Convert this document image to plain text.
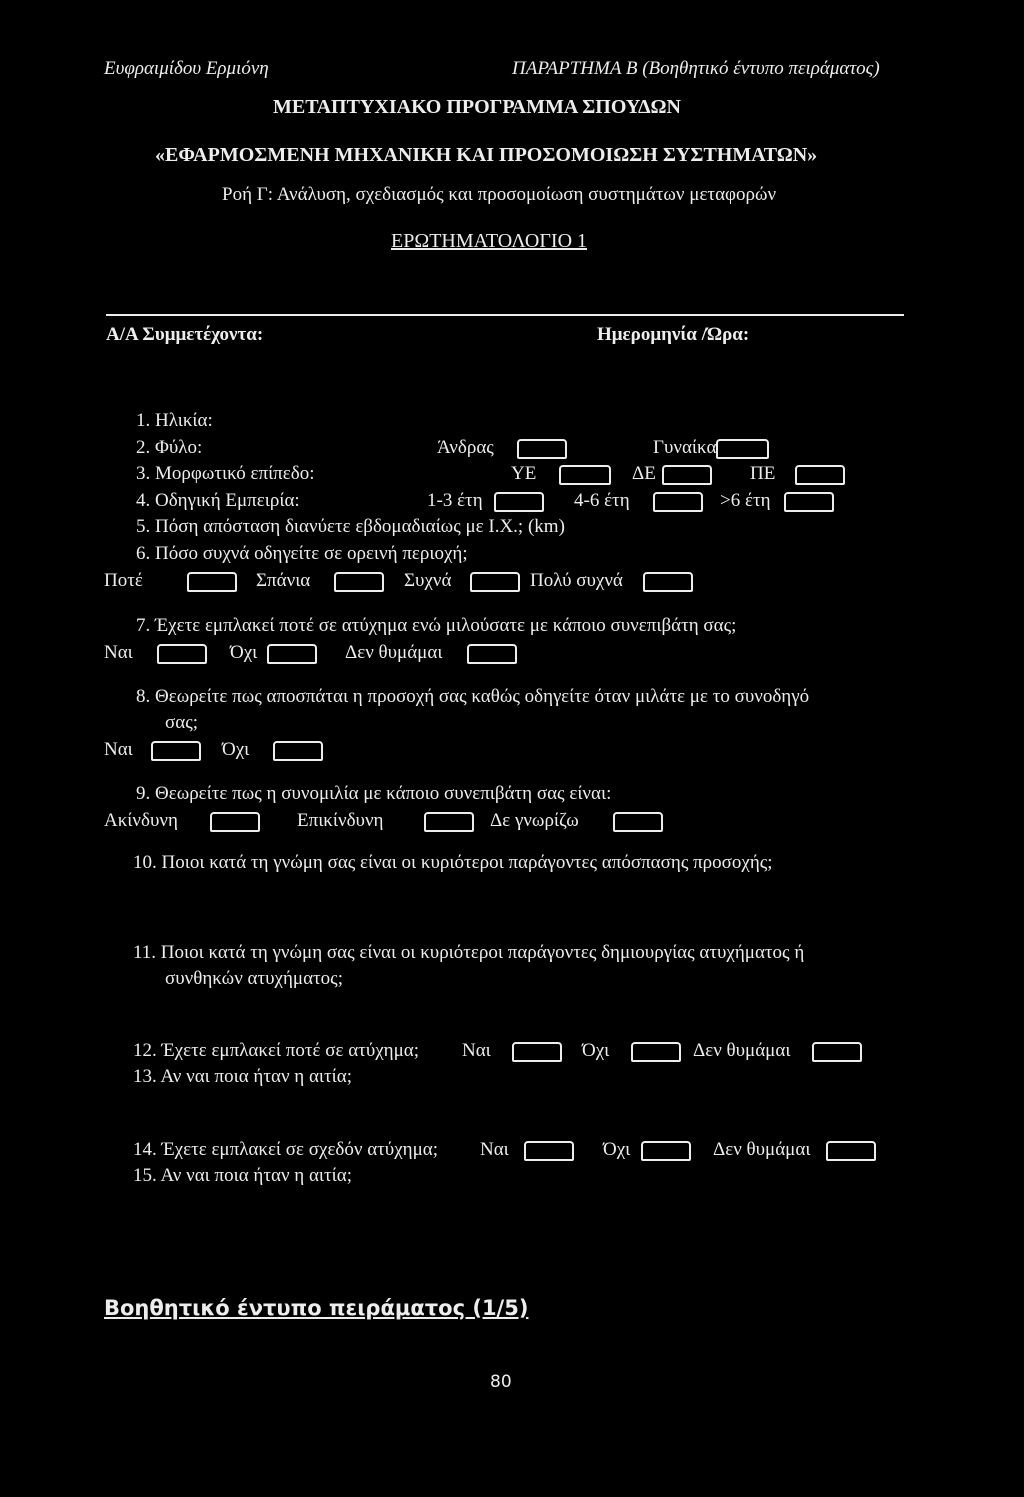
Ευφραιμίδου Ερμιόνη	ΠΑΡΑΡΤΗΜΑ Β (Βοηθητικό έντυπο πειράματος)
ΜΕΤΑΠΤΥΧΙΑΚΟ ΠΡΟΓΡΑΜΜΑ ΣΠΟΥΔΩΝ
«ΕΦΑΡΜΟΣΜΕΝΗ ΜΗΧΑΝΙΚΗ ΚΑΙ ΠΡΟΣΟΜΟΙΩΣΗ ΣΥΣΤΗΜΑΤΩΝ»
Ροή Γ: Ανάλυση, σχεδιασμός και προσομοίωση συστημάτων μεταφορών
ΕΡΩΤΗΜΑΤΟΛΟΓΙΟ 1
Α/Α Συμμετέχοντα:	Ημερομηνία /Ώρα:
1. Ηλικία:
2. Φύλο:	Άνδρας	Γυναίκα
3. Μορφωτικό επίπεδο:	ΥΕ	ΔΕ	ΠΕ
4. Οδηγική Εμπειρία:	1-3 έτη	4-6 έτη	>6 έτη
5. Πόση απόσταση διανύετε εβδομαδιαίως με Ι.Χ.; (km)
6. Πόσο συχνά οδηγείτε σε ορεινή περιοχή;
Ποτέ	Σπάνια	Συχνά	Πολύ συχνά
7. Έχετε εμπλακεί ποτέ σε ατύχημα ενώ μιλούσατε με κάποιο συνεπιβάτη σας;
Ναι	Όχι	Δεν θυμάμαι
8. Θεωρείτε πως αποσπάται η προσοχή σας καθώς οδηγείτε όταν μιλάτε με το συνοδηγό
σας;
Ναι	Όχι
9. Θεωρείτε πως η συνομιλία με κάποιο συνεπιβάτη σας είναι:
Ακίνδυνη	Επικίνδυνη	Δε γνωρίζω
10. Ποιοι κατά τη γνώμη σας είναι οι κυριότεροι παράγοντες απόσπασης προσοχής;
11. Ποιοι κατά τη γνώμη σας είναι οι κυριότεροι παράγοντες δημιουργίας ατυχήματος ή
συνθηκών ατυχήματος;
12. Έχετε εμπλακεί ποτέ σε ατύχημα; Ναι	Όχι	Δεν θυμάμαι
13. Αν ναι ποια ήταν η αιτία;
14. Έχετε εμπλακεί σε σχεδόν ατύχημα; Ναι	Όχι	Δεν θυμάμαι
15. Αν ναι ποια ήταν η αιτία;
Βοηθητικό έντυπο πειράματος (1/5)
80
